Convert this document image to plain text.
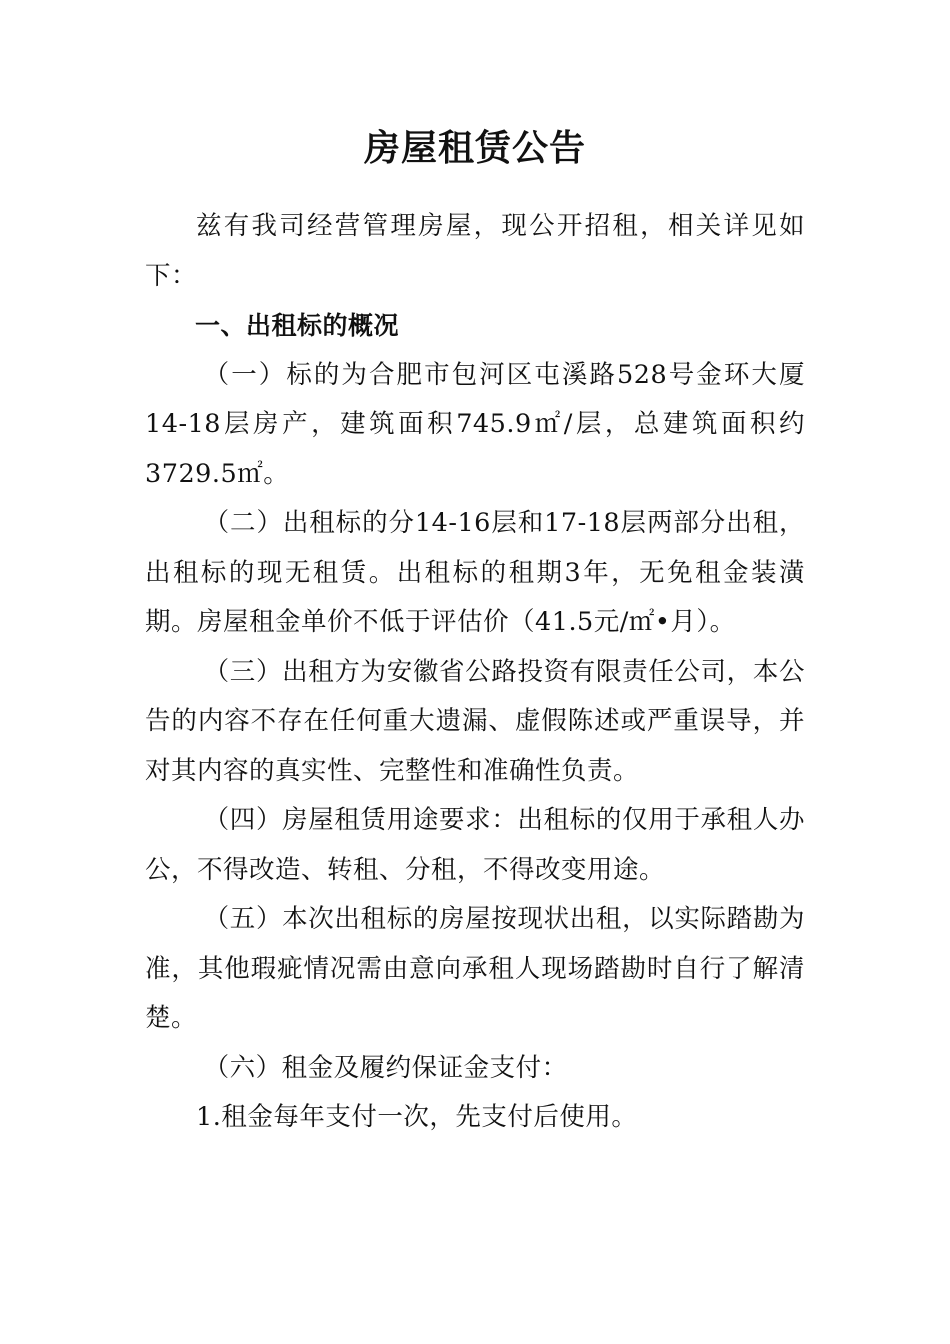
房屋租赁公告

兹有我司经营管理房屋，现公开招租，相关详见如下：

一、出租标的概况

（一）标的为合肥市包河区屯溪路528号金环大厦14-18层房产，建筑面积745.9㎡/层，总建筑面积约3729.5㎡。

（二）出租标的分14-16层和17-18层两部分出租，出租标的现无租赁。出租标的租期3年，无免租金装潢期。房屋租金单价不低于评估价（41.5元/㎡•月）。

（三）出租方为安徽省公路投资有限责任公司，本公告的内容不存在任何重大遗漏、虚假陈述或严重误导，并对其内容的真实性、完整性和准确性负责。

（四）房屋租赁用途要求：出租标的仅用于承租人办公，不得改造、转租、分租，不得改变用途。

（五）本次出租标的房屋按现状出租，以实际踏勘为准，其他瑕疵情况需由意向承租人现场踏勘时自行了解清楚。

（六）租金及履约保证金支付：

1.租金每年支付一次，先支付后使用。
